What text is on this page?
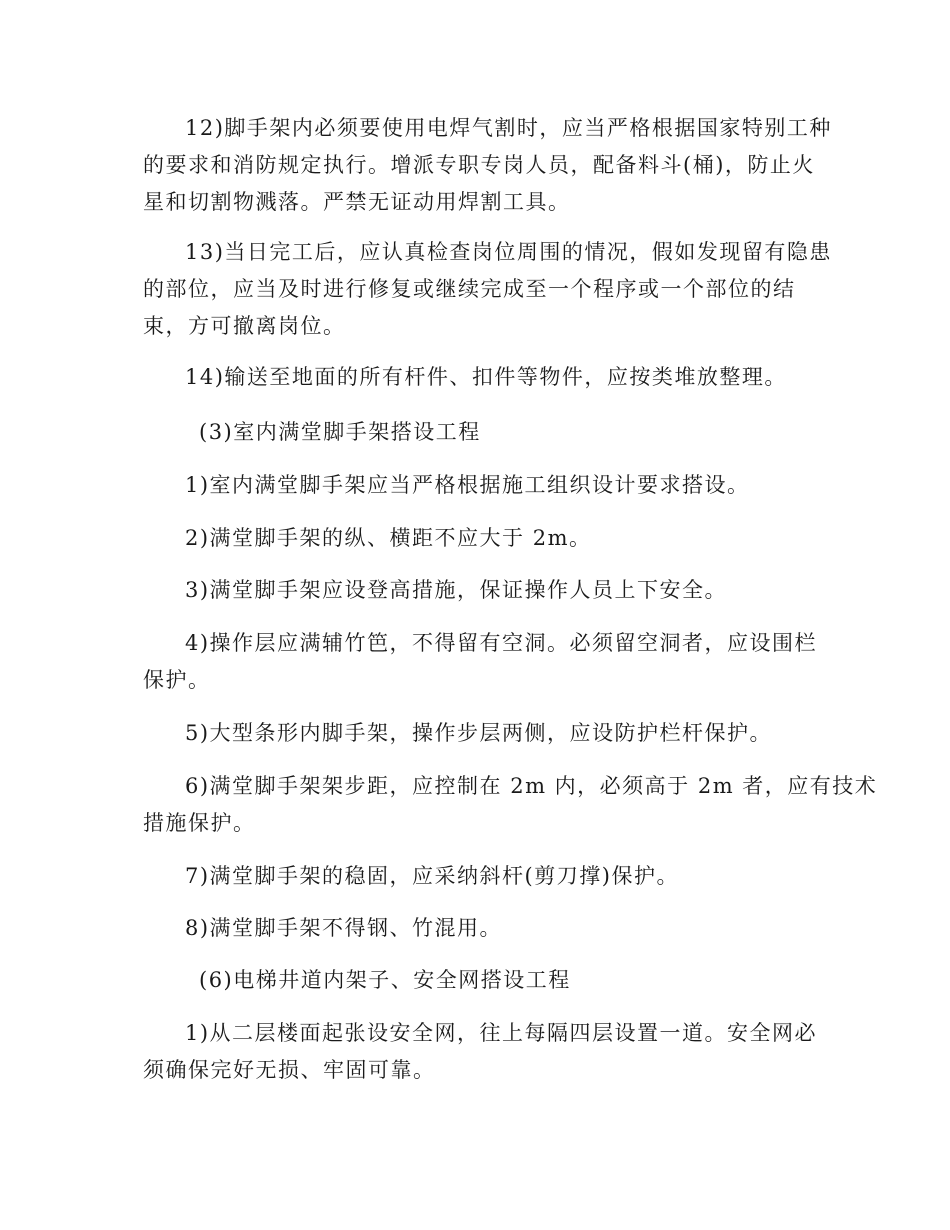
12)脚手架内必须要使用电焊气割时，应当严格根据国家特别工种
的要求和消防规定执行。增派专职专岗人员，配备料斗(桶)，防止火
星和切割物溅落。严禁无证动用焊割工具。
13)当日完工后，应认真检查岗位周围的情况，假如发现留有隐患
的部位，应当及时进行修复或继续完成至一个程序或一个部位的结
束，方可撤离岗位。
14)输送至地面的所有杆件、扣件等物件，应按类堆放整理。
(3)室内满堂脚手架搭设工程
1)室内满堂脚手架应当严格根据施工组织设计要求搭设。
2)满堂脚手架的纵、横距不应大于 2m。
3)满堂脚手架应设登高措施，保证操作人员上下安全。
4)操作层应满辅竹笆，不得留有空洞。必须留空洞者，应设围栏
保护。
5)大型条形内脚手架，操作步层两侧，应设防护栏杆保护。
6)满堂脚手架架步距，应控制在 2m 内，必须高于 2m 者，应有技术
措施保护。
7)满堂脚手架的稳固，应采纳斜杆(剪刀撑)保护。
8)满堂脚手架不得钢、竹混用。
(6)电梯井道内架子、安全网搭设工程
1)从二层楼面起张设安全网，往上每隔四层设置一道。安全网必
须确保完好无损、牢固可靠。
